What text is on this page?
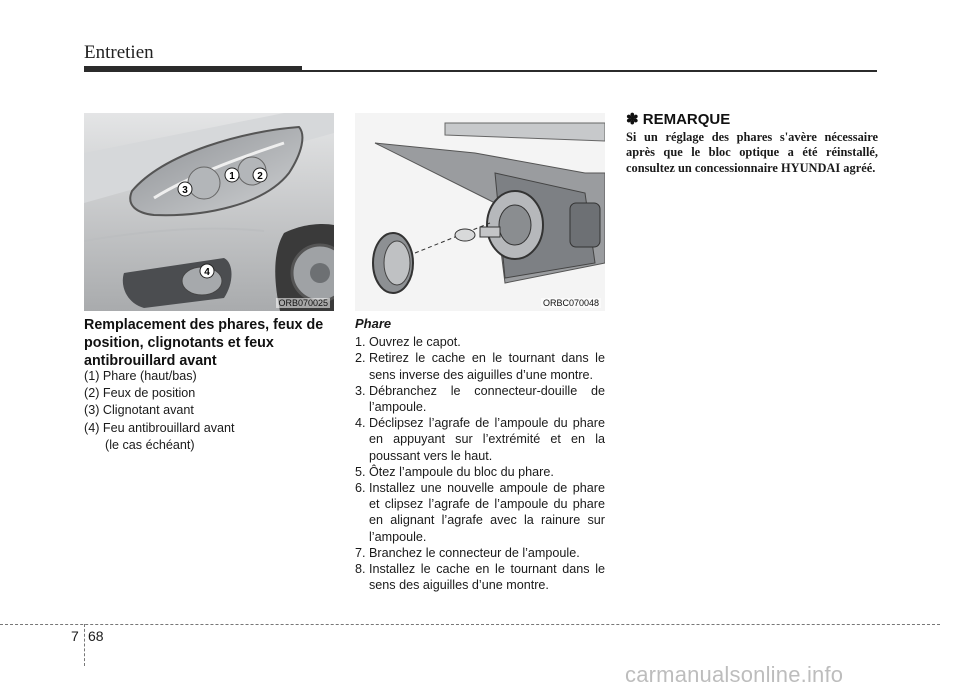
Entretien
1 2
3
4
ORB070025	ORBC070048
Remplacement des phares, feux de position, clignotants et feux antibrouillard avant
(1) Phare (haut/bas)
(2) Feux de position
(3) Clignotant avant
(4) Feu antibrouillard avant
(le cas échéant)
Phare
1. Ouvrez le capot.
2. Retirez le cache en le tournant dans le sens inverse des aiguilles d’une montre.
3. Débranchez le connecteur-douille de l’ampoule.
4. Déclipsez l’agrafe de l’ampoule du phare en appuyant sur l’extrémité et en la poussant vers le haut.
5. Ôtez l’ampoule du bloc du phare.
6. Installez une nouvelle ampoule de phare et clipsez l’agrafe de l’ampoule du phare en alignant l’agrafe avec la rainure sur l’ampoule.
7. Branchez le connecteur de l’ampoule.
8. Installez le cache en le tournant dans le sens des aiguilles d’une montre.
✽ REMARQUE
Si un réglage des phares s'avère nécessaire après que le bloc optique a été réinstallé, consultez un concessionnaire HYUNDAI agréé.
7 68
carmanualsonline.info
